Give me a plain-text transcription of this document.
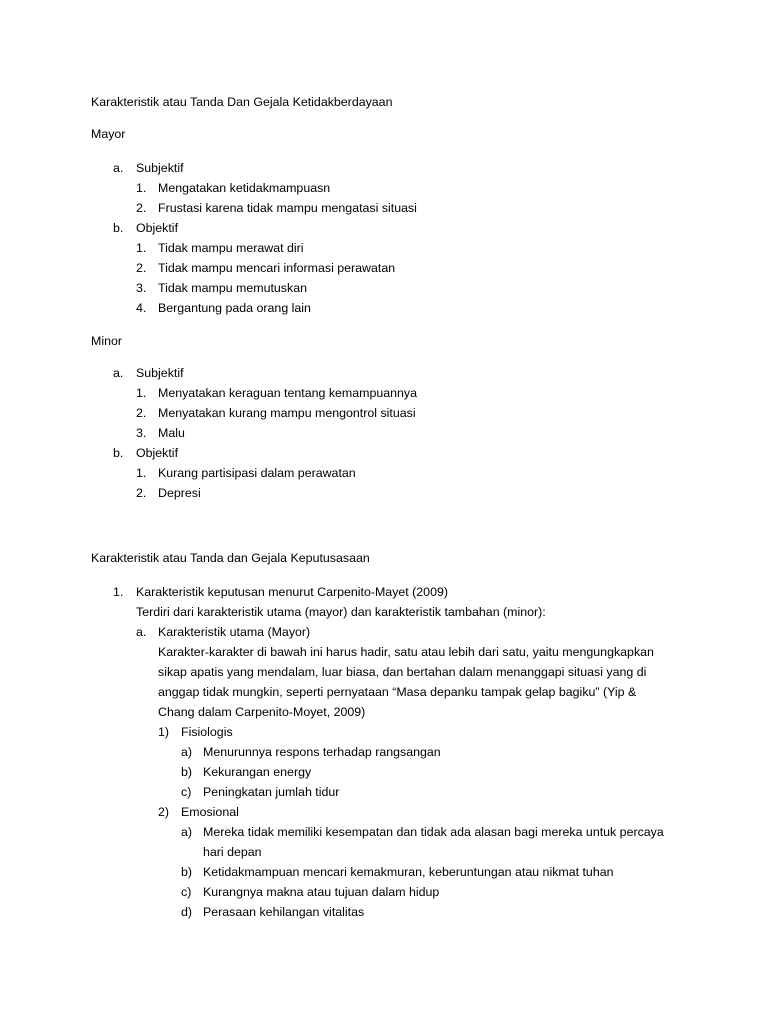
Karakteristik atau Tanda Dan Gejala Ketidakberdayaan
Mayor
a. Subjektif
1. Mengatakan ketidakmampuasn
2. Frustasi karena tidak mampu mengatasi situasi
b. Objektif
1. Tidak mampu merawat diri
2. Tidak mampu mencari informasi perawatan
3. Tidak mampu memutuskan
4. Bergantung pada orang lain
Minor
a. Subjektif
1. Menyatakan keraguan tentang kemampuannya
2. Menyatakan kurang mampu mengontrol situasi
3. Malu
b. Objektif
1. Kurang partisipasi dalam perawatan
2. Depresi
Karakteristik atau Tanda dan Gejala Keputusasaan
1. Karakteristik keputusan menurut Carpenito-Mayet (2009)
Terdiri dari karakteristik utama (mayor) dan karakteristik tambahan (minor):
a. Karakteristik utama (Mayor)
Karakter-karakter di bawah ini harus hadir, satu atau lebih dari satu, yaitu mengungkapkan
sikap apatis yang mendalam, luar biasa, dan bertahan dalam menanggapi situasi yang di
anggap tidak mungkin, seperti pernyataan “Masa depanku tampak gelap bagiku” (Yip &
Chang dalam Carpenito-Moyet, 2009)
1) Fisiologis
a) Menurunnya respons terhadap rangsangan
b) Kekurangan energy
c) Peningkatan jumlah tidur
2) Emosional
a) Mereka tidak memiliki kesempatan dan tidak ada alasan bagi mereka untuk percaya
hari depan
b) Ketidakmampuan mencari kemakmuran, keberuntungan atau nikmat tuhan
c) Kurangnya makna atau tujuan dalam hidup
d) Perasaan kehilangan vitalitas
